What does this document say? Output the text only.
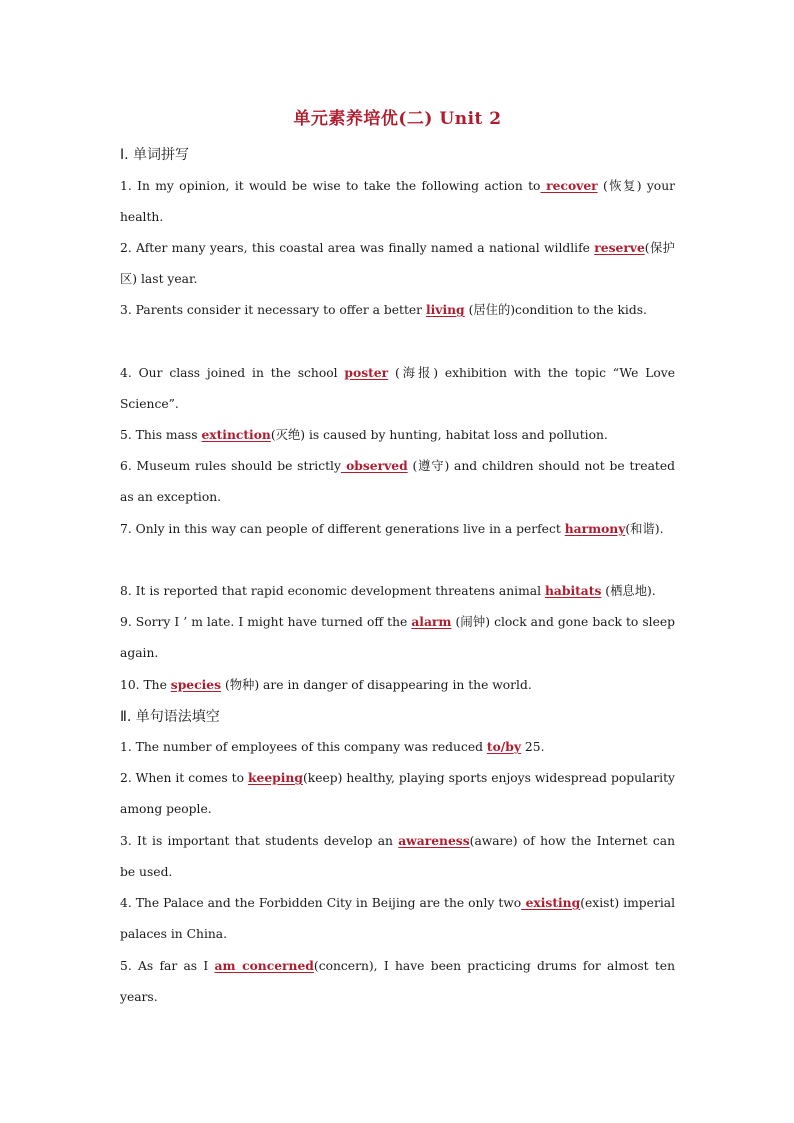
单元素养培优(二) Unit 2
Ⅰ. 单词拼写
1. In my opinion, it would be wise to take the following action to recover (恢复) your health.
2. After many years, this coastal area was finally named a national wildlife reserve(保护区) last year.
3. Parents consider it necessary to offer a better living (居住的)condition to the kids.
4. Our class joined in the school poster (海报) exhibition with the topic “We Love Science”.
5. This mass extinction(灭绝) is caused by hunting, habitat loss and pollution.
6. Museum rules should be strictly observed (遵守) and children should not be treated as an exception.
7. Only in this way can people of different generations live in a perfect harmony(和谐).
8. It is reported that rapid economic development threatens animal habitats (栖息地).
9. Sorry I ’ m late. I might have turned off the alarm (闹钟) clock and gone back to sleep again.
10. The species (物种) are in danger of disappearing in the world.
Ⅱ. 单句语法填空
1. The number of employees of this company was reduced to/by 25.
2. When it comes to keeping(keep) healthy, playing sports enjoys widespread popularity among people.
3. It is important that students develop an awareness(aware) of how the Internet can be used.
4. The Palace and the Forbidden City in Beijing are the only two existing(exist) imperial palaces in China.
5. As far as I am concerned(concern), I have been practicing drums for almost ten years.
